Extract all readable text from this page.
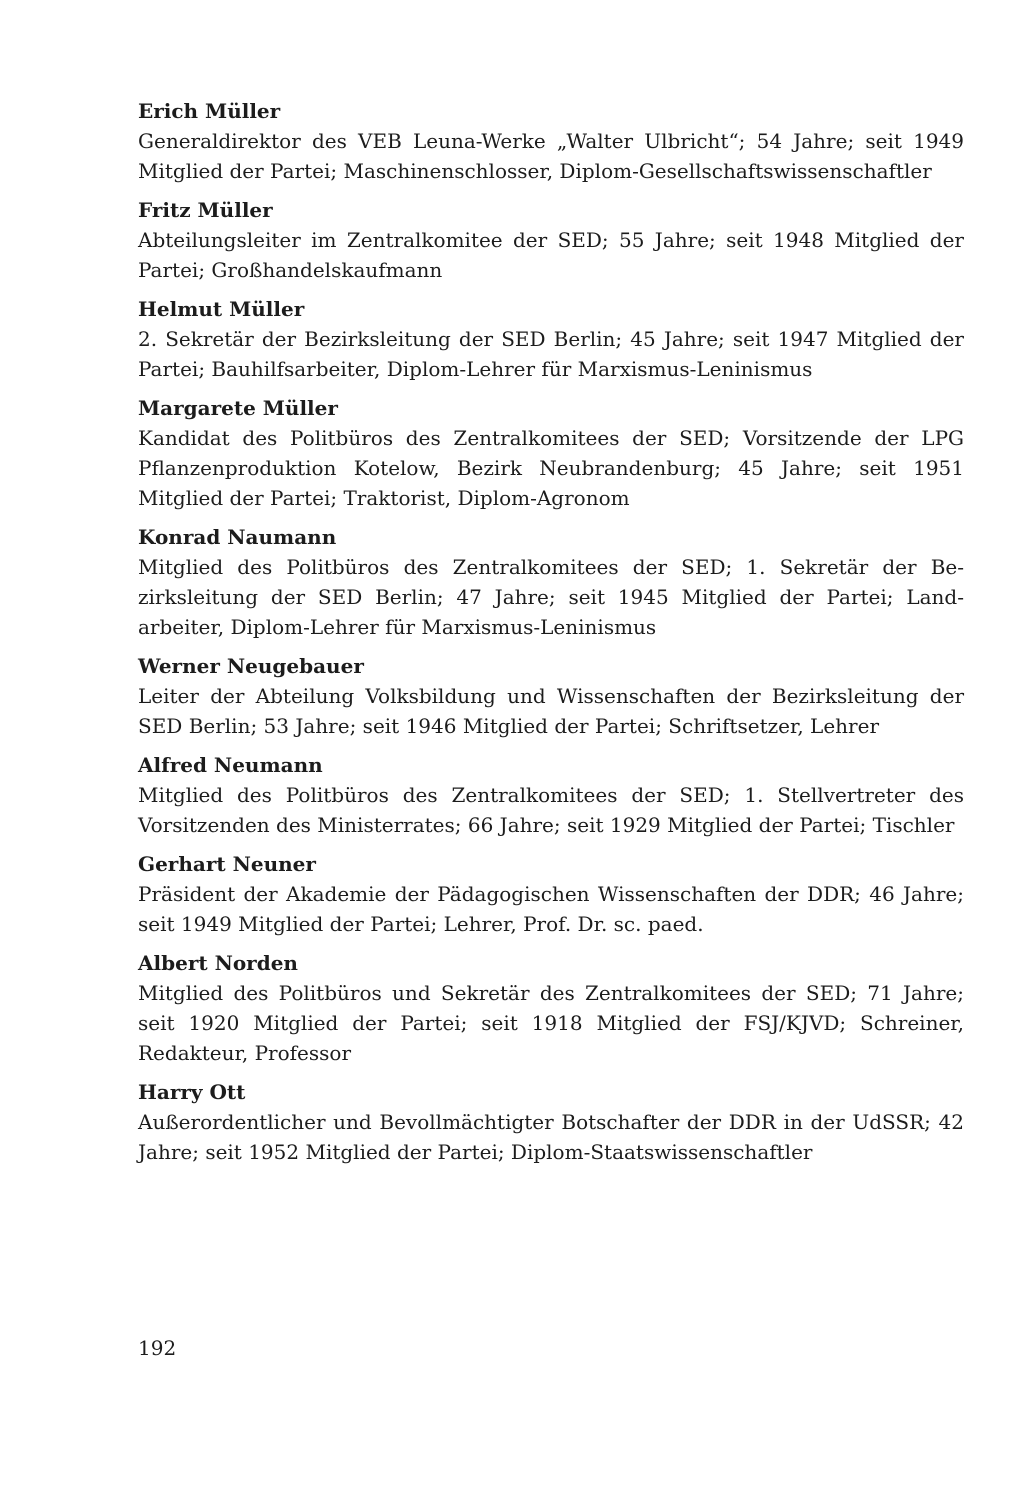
Erich Müller

Generaldirektor des VEB Leuna-Werke „Walter Ulbricht“; 54 Jahre; seit 1949 Mitglied der Partei; Maschinenschlosser, Diplom-Gesellschaftswissenschaftler

Fritz Müller

Abteilungsleiter im Zentralkomitee der SED; 55 Jahre; seit 1948 Mitglied der Partei; Großhandelskaufmann

Helmut Müller

2. Sekretär der Bezirksleitung der SED Berlin; 45 Jahre; seit 1947 Mitglied der Partei; Bauhilfsarbeiter, Diplom-Lehrer für Marxismus-Leninismus

Margarete Müller

Kandidat des Politbüros des Zentralkomitees der SED; Vorsitzende der LPG Pflanzenproduktion Kotelow, Bezirk Neubrandenburg; 45 Jahre; seit 1951 Mitglied der Partei; Traktorist, Diplom-Agronom

Konrad Naumann

Mitglied des Politbüros des Zentralkomitees der SED; 1. Sekretär der Bezirksleitung der SED Berlin; 47 Jahre; seit 1945 Mitglied der Partei; Landarbeiter, Diplom-Lehrer für Marxismus-Leninismus

Werner Neugebauer

Leiter der Abteilung Volksbildung und Wissenschaften der Bezirksleitung der SED Berlin; 53 Jahre; seit 1946 Mitglied der Partei; Schriftsetzer, Lehrer

Alfred Neumann

Mitglied des Politbüros des Zentralkomitees der SED; 1. Stellvertreter des Vorsitzenden des Ministerrates; 66 Jahre; seit 1929 Mitglied der Partei; Tischler

Gerhart Neuner

Präsident der Akademie der Pädagogischen Wissenschaften der DDR; 46 Jahre; seit 1949 Mitglied der Partei; Lehrer, Prof. Dr. sc. paed.

Albert Norden

Mitglied des Politbüros und Sekretär des Zentralkomitees der SED; 71 Jahre; seit 1920 Mitglied der Partei; seit 1918 Mitglied der FSJ/KJVD; Schreiner, Redakteur, Professor

Harry Ott

Außerordentlicher und Bevollmächtigter Botschafter der DDR in der UdSSR; 42 Jahre; seit 1952 Mitglied der Partei; Diplom-Staatswissenschaftler

192
